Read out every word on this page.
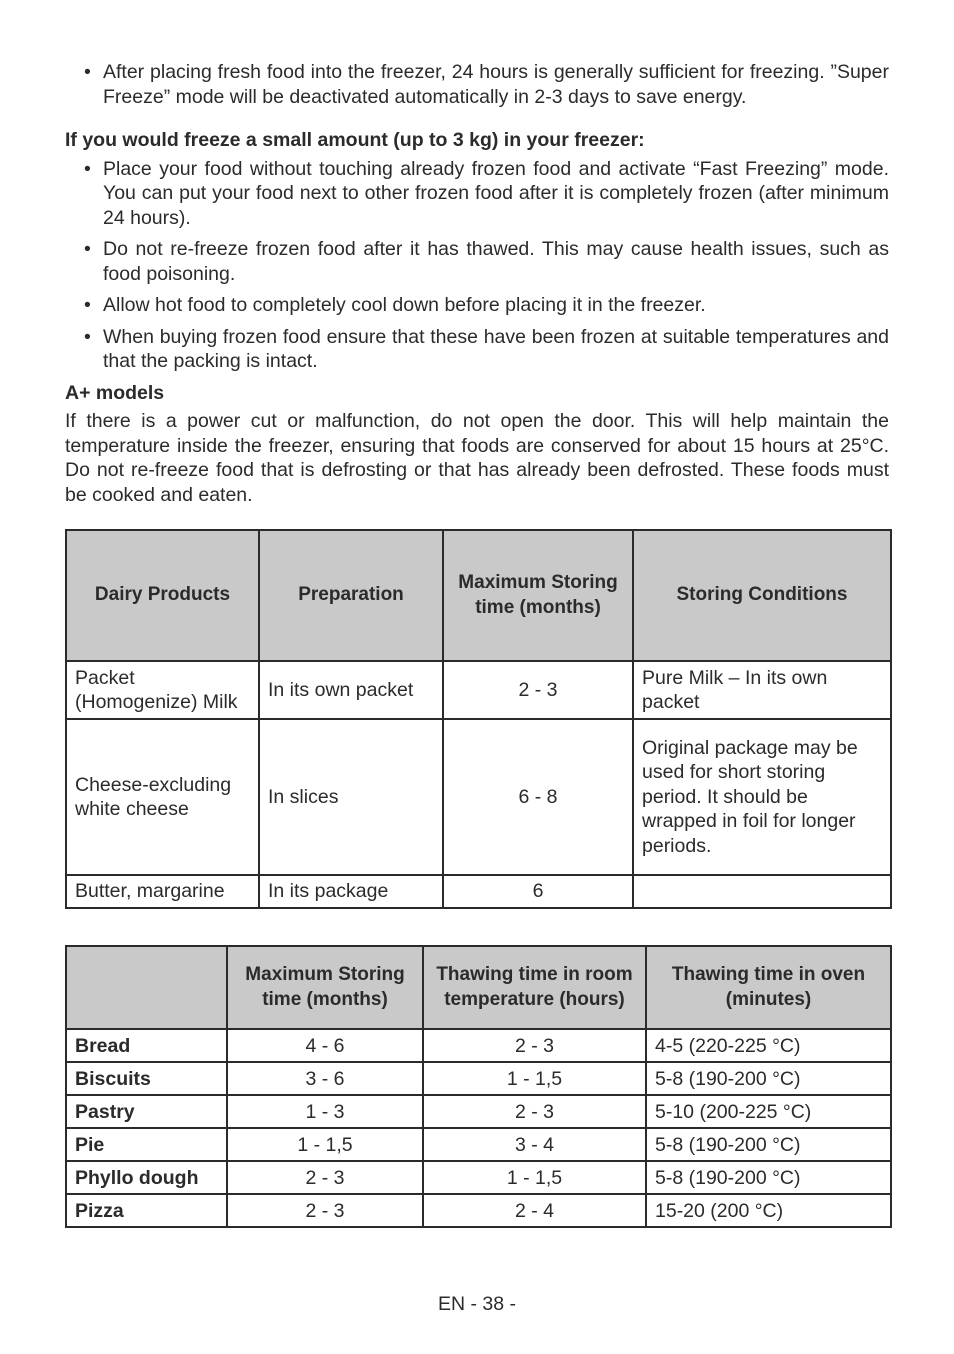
• After placing fresh food into the freezer, 24 hours is generally sufficient for freezing. ”Super Freeze” mode will be deactivated automatically in 2-3 days to save energy.
If you would freeze a small amount (up to 3 kg) in your freezer:
• Place your food without touching already frozen food and activate “Fast Freezing” mode. You can put your food next to other frozen food after it is completely frozen (after minimum 24 hours).
• Do not re-freeze frozen food after it has thawed. This may cause health issues, such as food poisoning.
• Allow hot food to completely cool down before placing it in the freezer.
• When buying frozen food ensure that these have been frozen at suitable temperatures and that the packing is intact.
A+ models

If there is a power cut or malfunction, do not open the door. This will help maintain the temperature inside the freezer, ensuring that foods are conserved for about 15 hours at 25°C. Do not re-freeze food that is defrosting or that has already been defrosted. These foods must be cooked and eaten.

Dairy Products	Preparation	Maximum Storing time (months)	Storing Conditions
Packet (Homogenize) Milk	In its own packet	2 - 3	Pure Milk – In its own packet
Cheese-excluding white cheese	In slices	6 - 8	Original package may be used for short storing period. It should be wrapped in foil for longer periods.
Butter, margarine	In its package	6	
	Maximum Storing time (months)	Thawing time in room temperature (hours)	Thawing time in oven (minutes)
Bread	4 - 6	2 - 3	4-5 (220-225 °C)
Biscuits	3 - 6	1 - 1,5	5-8 (190-200 °C)
Pastry	1 - 3	2 - 3	5-10 (200-225 °C)
Pie	1 - 1,5	3 - 4	5-8 (190-200 °C)
Phyllo dough	2 - 3	1 - 1,5	5-8 (190-200 °C)
Pizza	2 - 3	2 - 4	15-20 (200 °C)
EN - 38 -
